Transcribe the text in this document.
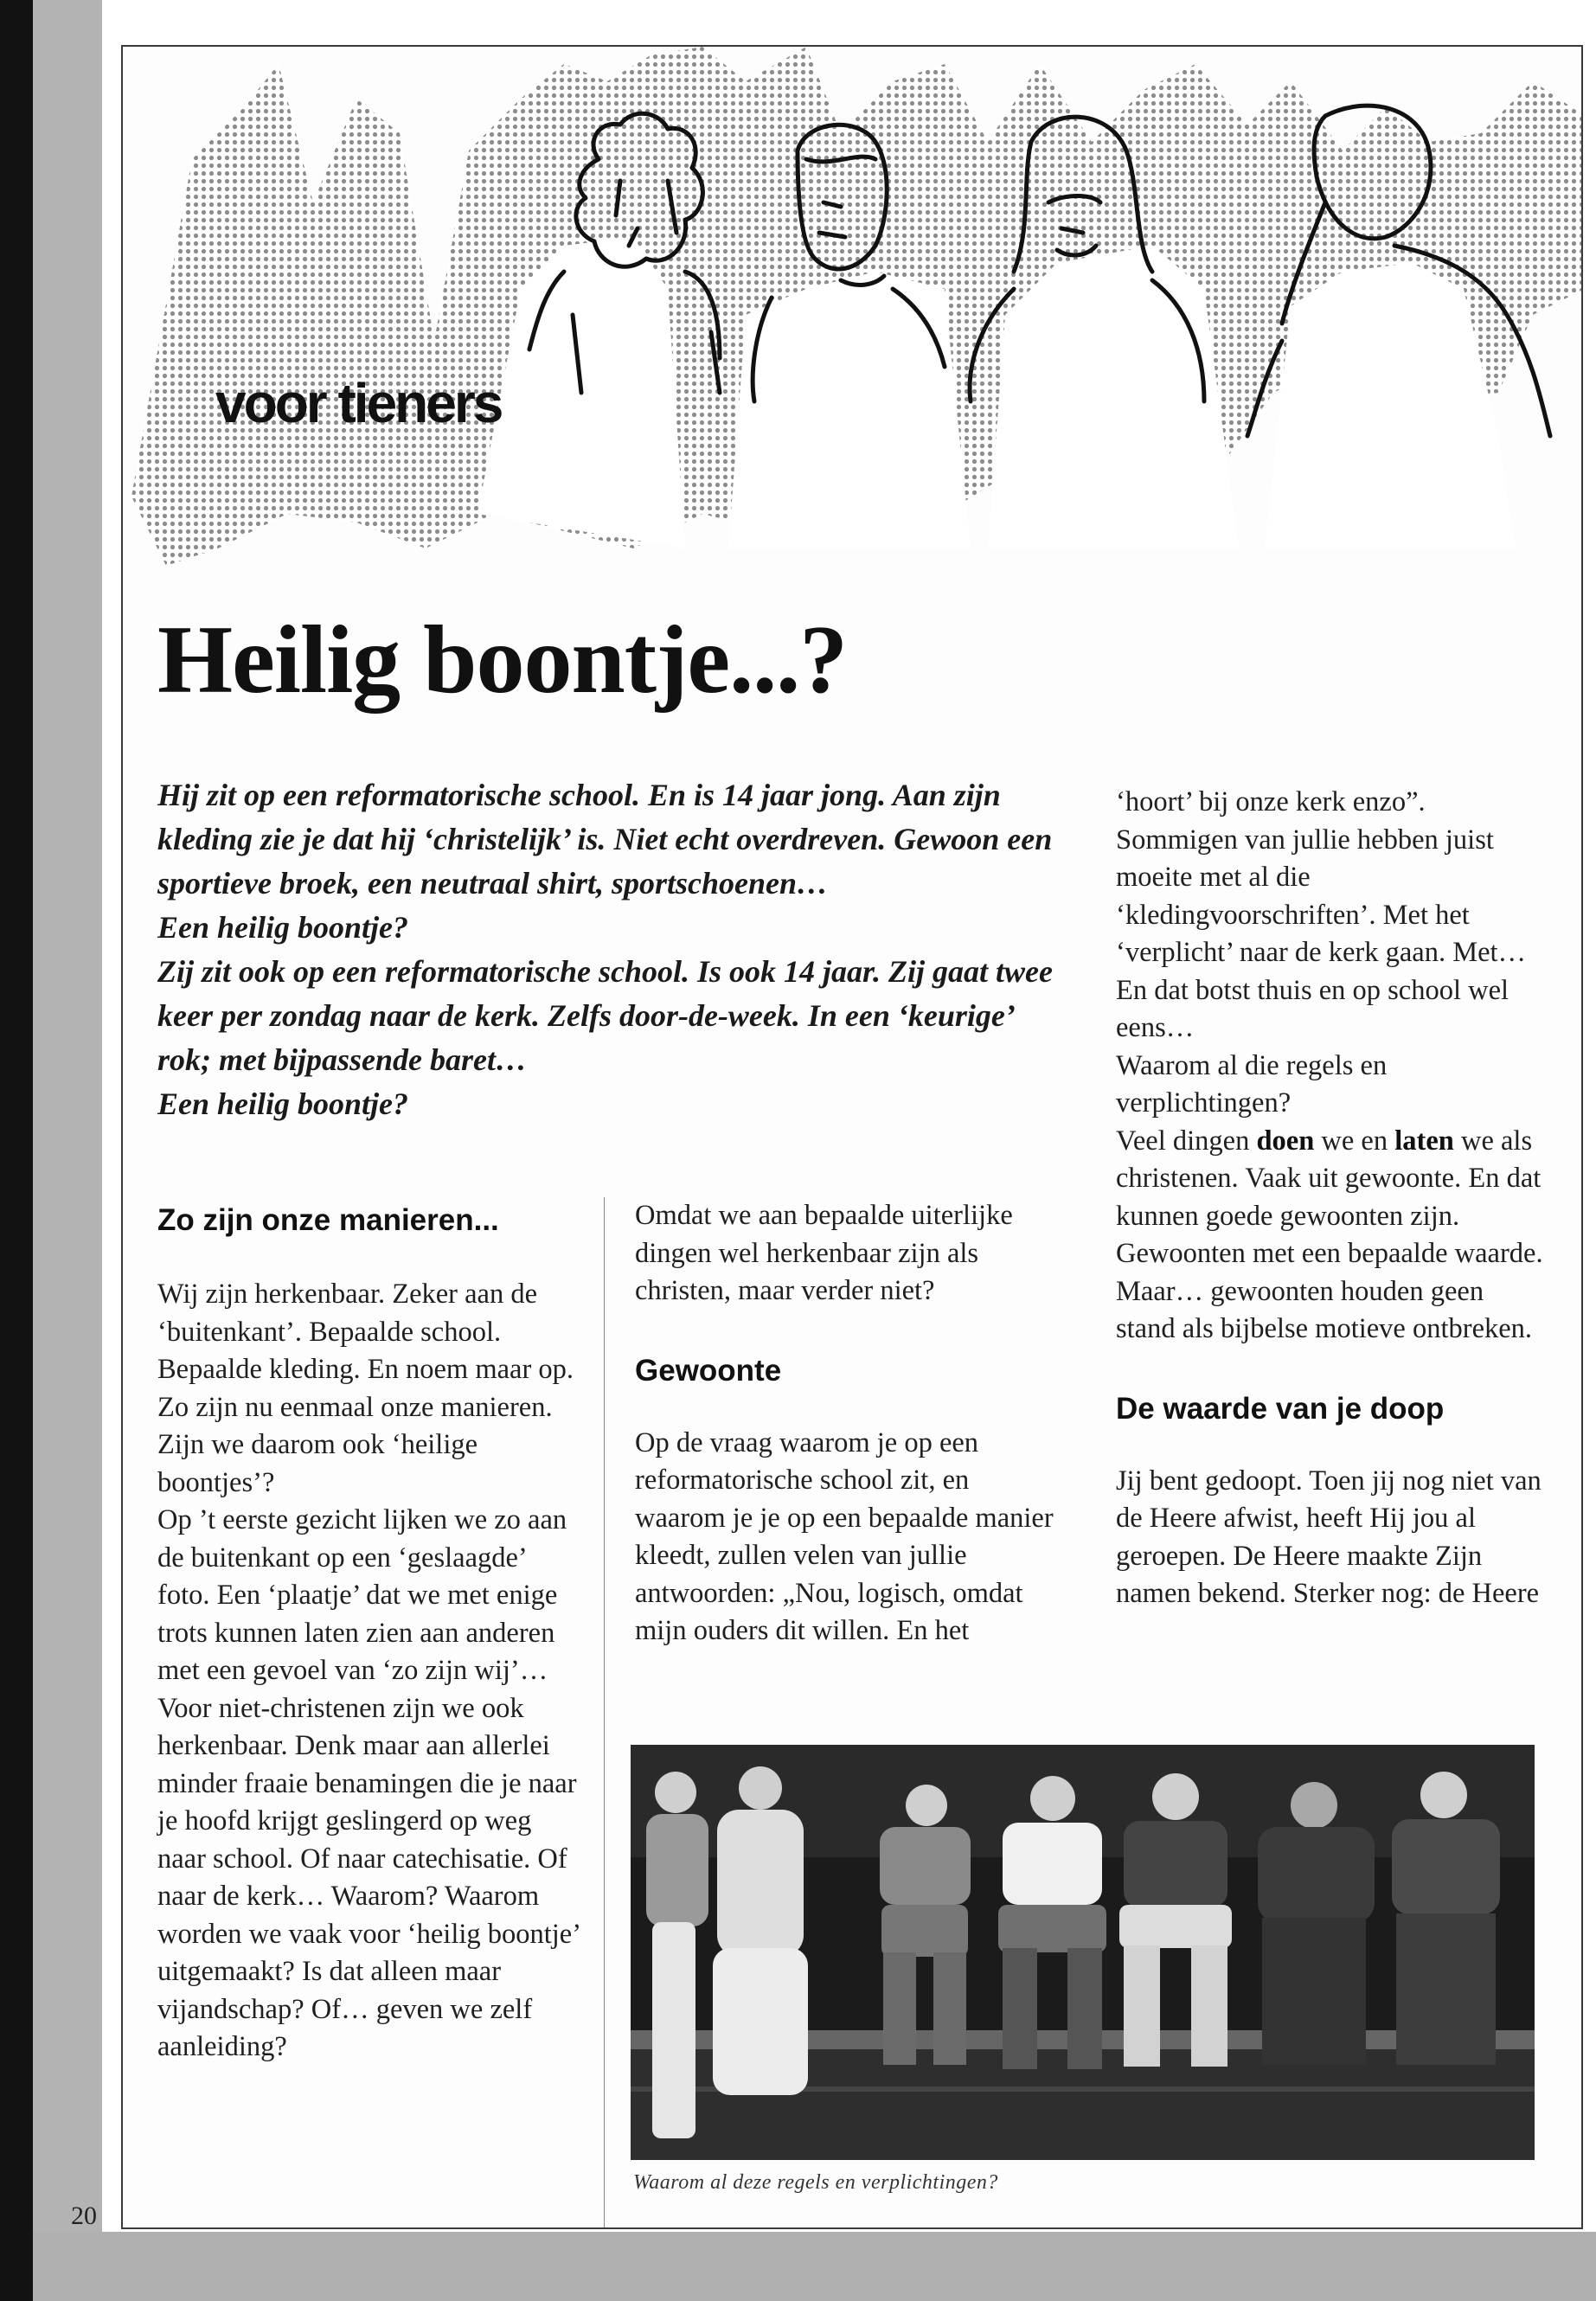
20

voor tieners

Heilig boontje...?

Hij zit op een reformatorische school. En is 14 jaar jong. Aan zijn kleding zie je dat hij ‘christelijk’ is. Niet echt overdreven. Gewoon een sportieve broek, een neutraal shirt, sportschoenen…

Een heilig boontje?

Zij zit ook op een reformatorische school. Is ook 14 jaar. Zij gaat twee keer per zondag naar de kerk. Zelfs door-de-week. In een ‘keurige’ rok; met bijpassende baret…

Een heilig boontje?

Zo zijn onze manieren...

Wij zijn herkenbaar. Zeker aan de ‘buitenkant’. Bepaalde school. Bepaalde kleding. En noem maar op. Zo zijn nu eenmaal onze manieren.

Zijn we daarom ook ‘heilige boontjes’?

Op ’t eerste gezicht lijken we zo aan de buitenkant op een ‘geslaagde’ foto. Een ‘plaatje’ dat we met enige trots kunnen laten zien aan anderen met een gevoel van ‘zo zijn wij’…

Voor niet-christenen zijn we ook herkenbaar. Denk maar aan allerlei minder fraaie benamingen die je naar je hoofd krijgt geslingerd op weg naar school. Of naar catechisatie. Of naar de kerk… Waarom? Waarom worden we vaak voor ‘heilig boontje’ uitgemaakt? Is dat alleen maar vijandschap? Of… geven we zelf aanleiding?

Omdat we aan bepaalde uiterlijke dingen wel herkenbaar zijn als christen, maar verder niet?

Gewoonte

Op de vraag waarom je op een reformatorische school zit, en waarom je je op een bepaalde manier kleedt, zullen velen van jullie antwoorden: „Nou, logisch, omdat mijn ouders dit willen. En het

‘hoort’ bij onze kerk enzo”. Sommigen van jullie hebben juist moeite met al die ‘kledingvoorschriften’. Met het ‘verplicht’ naar de kerk gaan. Met… En dat botst thuis en op school wel eens…

Waarom al die regels en verplichtingen?

Veel dingen doen we en laten we als christenen. Vaak uit gewoonte. En dat kunnen goede gewoonten zijn. Gewoonten met een bepaalde waarde. Maar… gewoonten houden geen stand als bijbelse motieve ontbreken.

De waarde van je doop

Jij bent gedoopt. Toen jij nog niet van de Heere afwist, heeft Hij jou al geroepen. De Heere maakte Zijn namen bekend. Sterker nog: de Heere

Waarom al deze regels en verplichtingen?
